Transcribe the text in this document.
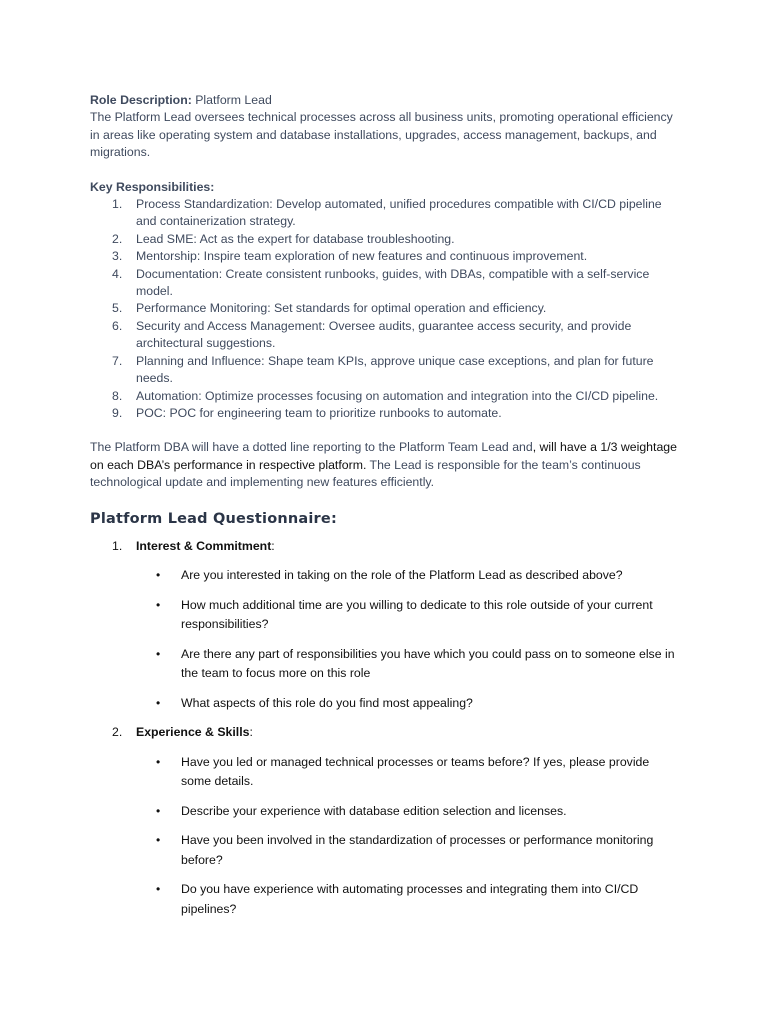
Role Description: Platform Lead

The Platform Lead oversees technical processes across all business units, promoting operational efficiency in areas like operating system and database installations, upgrades, access management, backups, and migrations.

Key Responsibilities:

1. Process Standardization: Develop automated, unified procedures compatible with CI/CD pipeline and containerization strategy.
2. Lead SME: Act as the expert for database troubleshooting.
3. Mentorship: Inspire team exploration of new features and continuous improvement.
4. Documentation: Create consistent runbooks, guides, with DBAs, compatible with a self-service model.
5. Performance Monitoring: Set standards for optimal operation and efficiency.
6. Security and Access Management: Oversee audits, guarantee access security, and provide architectural suggestions.
7. Planning and Influence: Shape team KPIs, approve unique case exceptions, and plan for future needs.
8. Automation: Optimize processes focusing on automation and integration into the CI/CD pipeline.
9. POC: POC for engineering team to prioritize runbooks to automate.

The Platform DBA will have a dotted line reporting to the Platform Team Lead and, will have a 1/3 weightage on each DBA’s performance in respective platform. The Lead is responsible for the team’s continuous technological update and implementing new features efficiently.

Platform Lead Questionnaire:
1. Interest & Commitment:
• Are you interested in taking on the role of the Platform Lead as described above?
• How much additional time are you willing to dedicate to this role outside of your current responsibilities?
• Are there any part of responsibilities you have which you could pass on to someone else in the team to focus more on this role
• What aspects of this role do you find most appealing?
2. Experience & Skills:
• Have you led or managed technical processes or teams before? If yes, please provide some details.
• Describe your experience with database edition selection and licenses.
• Have you been involved in the standardization of processes or performance monitoring before?
• Do you have experience with automating processes and integrating them into CI/CD pipelines?
